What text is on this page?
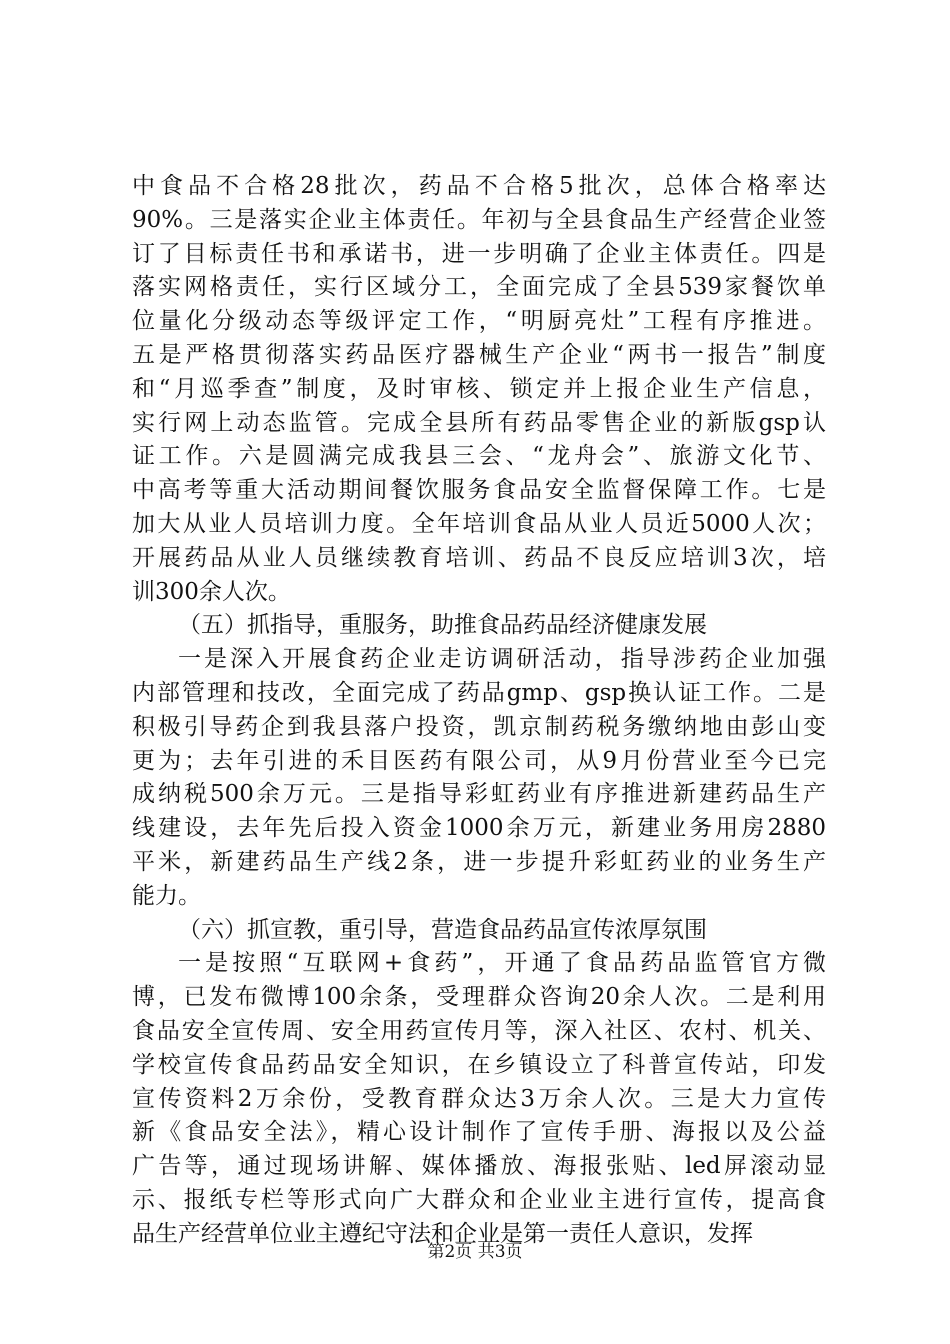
中食品不合格28批次，药品不合格5批次，总体合格率达
90%。三是落实企业主体责任。年初与全县食品生产经营企业签
订了目标责任书和承诺书，进一步明确了企业主体责任。四是
落实网格责任，实行区域分工，全面完成了全县539家餐饮单
位量化分级动态等级评定工作，“明厨亮灶”工程有序推进。
五是严格贯彻落实药品医疗器械生产企业“两书一报告”制度
和“月巡季查”制度，及时审核、锁定并上报企业生产信息，
实行网上动态监管。完成全县所有药品零售企业的新版gsp认
证工作。六是圆满完成我县三会、“龙舟会”、旅游文化节、
中高考等重大活动期间餐饮服务食品安全监督保障工作。七是
加大从业人员培训力度。全年培训食品从业人员近5000人次；
开展药品从业人员继续教育培训、药品不良反应培训3次，培
训300余人次。
（五）抓指导，重服务，助推食品药品经济健康发展
一是深入开展食药企业走访调研活动，指导涉药企业加强
内部管理和技改，全面完成了药品gmp、gsp换认证工作。二是
积极引导药企到我县落户投资，凯京制药税务缴纳地由彭山变
更为；去年引进的禾目医药有限公司，从9月份营业至今已完
成纳税500余万元。三是指导彩虹药业有序推进新建药品生产
线建设，去年先后投入资金1000余万元，新建业务用房2880
平米，新建药品生产线2条，进一步提升彩虹药业的业务生产
能力。
（六）抓宣教，重引导，营造食品药品宣传浓厚氛围
一是按照“互联网+食药”，开通了食品药品监管官方微
博，已发布微博100余条，受理群众咨询20余人次。二是利用
食品安全宣传周、安全用药宣传月等，深入社区、农村、机关、
学校宣传食品药品安全知识，在乡镇设立了科普宣传站，印发
宣传资料2万余份，受教育群众达3万余人次。三是大力宣传
新《食品安全法》，精心设计制作了宣传手册、海报以及公益
广告等，通过现场讲解、媒体播放、海报张贴、led屏滚动显
示、报纸专栏等形式向广大群众和企业业主进行宣传，提高食
品生产经营单位业主遵纪守法和企业是第一责任人意识，发挥
第2页 共3页
